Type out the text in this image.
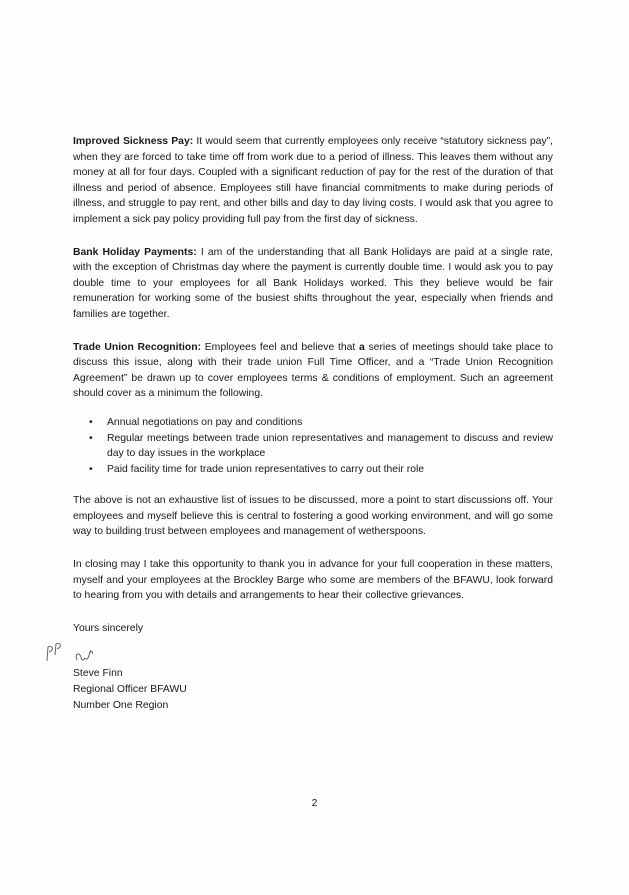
Improved Sickness Pay: It would seem that currently employees only receive “statutory sickness pay”, when they are forced to take time off from work due to a period of illness. This leaves them without any money at all for four days. Coupled with a significant reduction of pay for the rest of the duration of that illness and period of absence. Employees still have financial commitments to make during periods of illness, and struggle to pay rent, and other bills and day to day living costs. I would ask that you agree to implement a sick pay policy providing full pay from the first day of sickness.

Bank Holiday Payments: I am of the understanding that all Bank Holidays are paid at a single rate, with the exception of Christmas day where the payment is currently double time. I would ask you to pay double time to your employees for all Bank Holidays worked. This they believe would be fair remuneration for working some of the busiest shifts throughout the year, especially when friends and families are together.

Trade Union Recognition: Employees feel and believe that a series of meetings should take place to discuss this issue, along with their trade union Full Time Officer, and a “Trade Union Recognition Agreement” be drawn up to cover employees terms & conditions of employment. Such an agreement should cover as a minimum the following.

• Annual negotiations on pay and conditions
• Regular meetings between trade union representatives and management to discuss and review day to day issues in the workplace
• Paid facility time for trade union representatives to carry out their role

The above is not an exhaustive list of issues to be discussed, more a point to start discussions off. Your employees and myself believe this is central to fostering a good working environment, and will go some way to building trust between employees and management of wetherspoons.

In closing may I take this opportunity to thank you in advance for your full cooperation in these matters, myself and your employees at the Brockley Barge who some are members of the BFAWU, look forward to hearing from you with details and arrangements to hear their collective grievances.

Yours sincerely

Steve Finn
Regional Officer BFAWU
Number One Region
2
